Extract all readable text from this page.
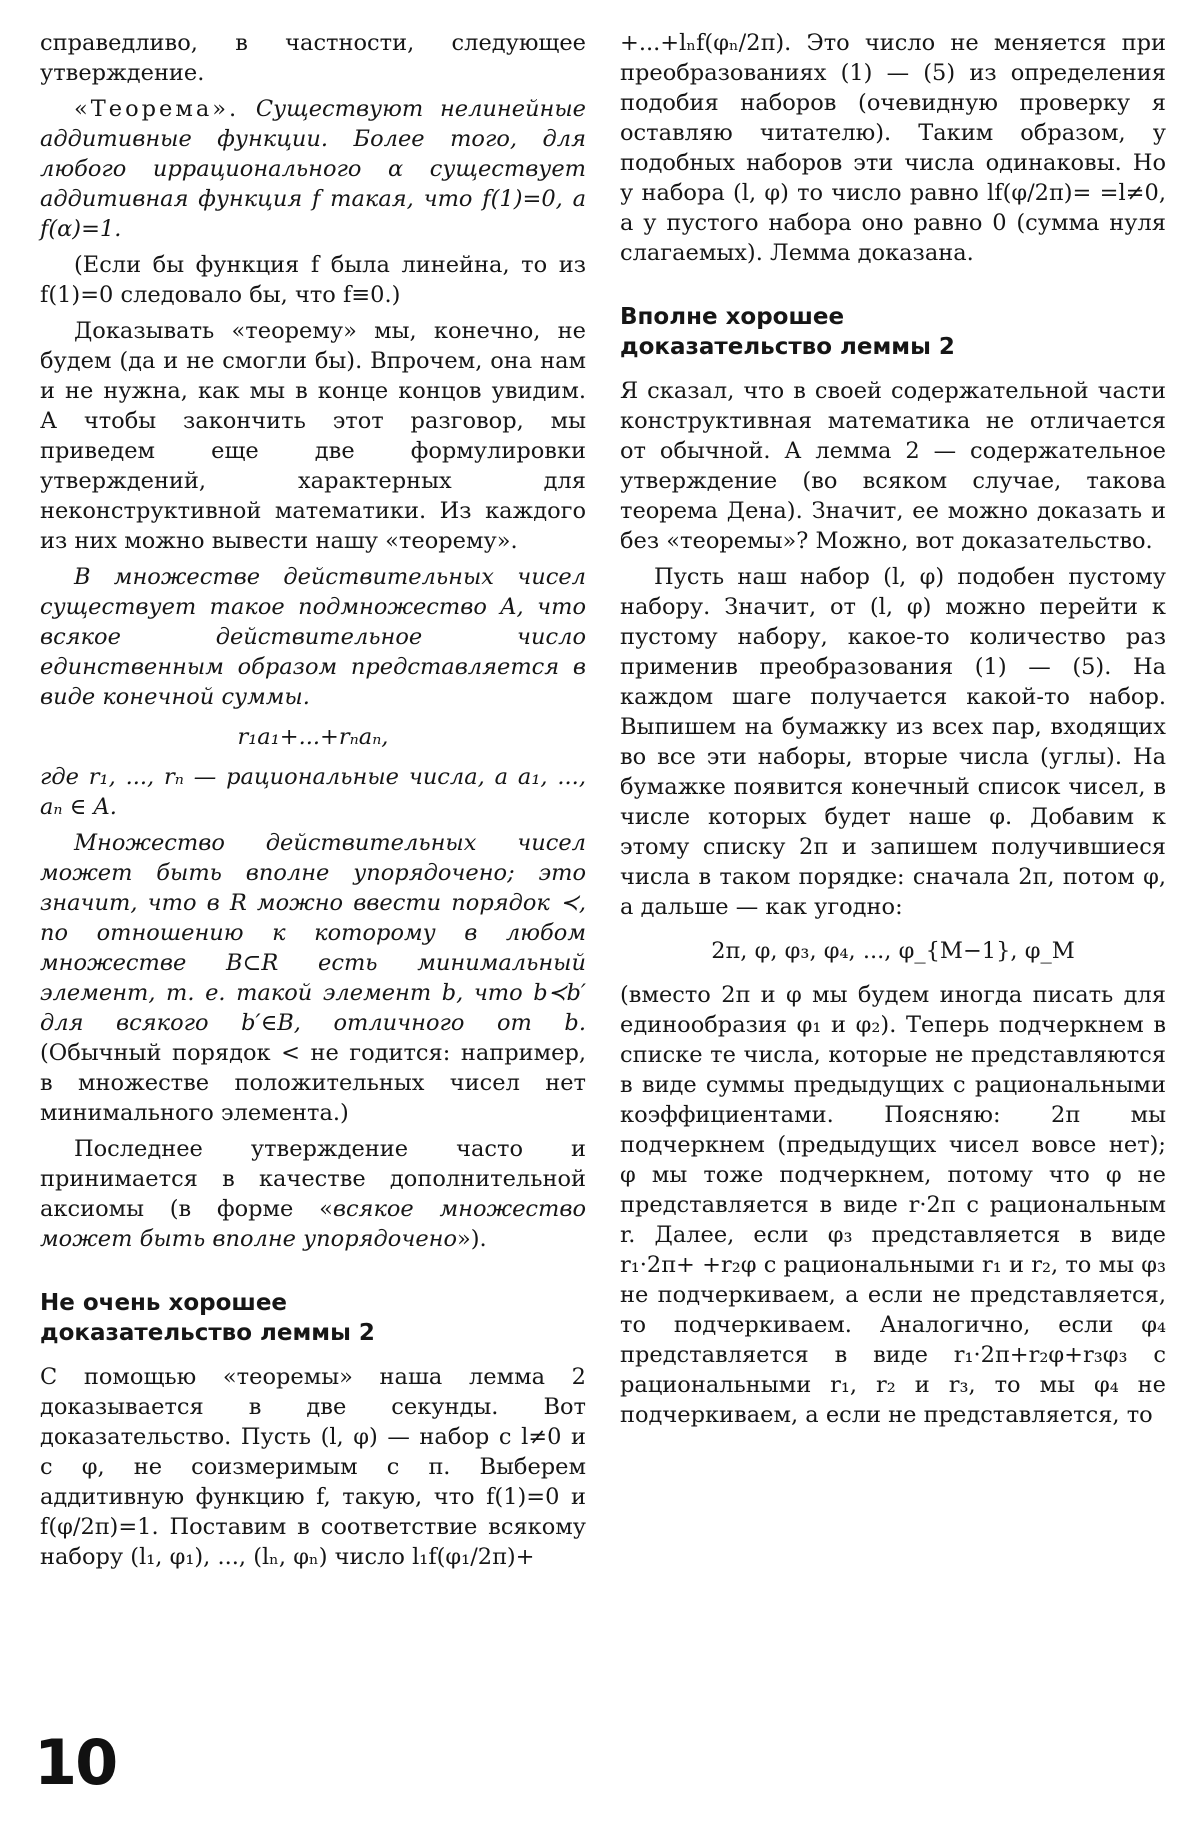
справедливо, в частности, следующее утверждение.

«Теорема». Существуют нелинейные аддитивные функции. Более того, для любого иррационального α существует аддитивная функция f такая, что f(1)=0, a f(α)=1.

(Если бы функция f была линейна, то из f(1)=0 следовало бы, что f≡0.)

Доказывать «теорему» мы, конечно, не будем (да и не смогли бы). Впрочем, она нам и не нужна, как мы в конце концов увидим. А чтобы закончить этот разговор, мы приведем еще две формулировки утверждений, характерных для неконструктивной математики. Из каждого из них можно вывести нашу «теорему».

В множестве действительных чисел существует такое подмножество A, что всякое действительное число единственным образом представляется в виде конечной суммы.

r₁a₁+...+rₙaₙ,

где r₁, ..., rₙ — рациональные числа, а a₁, ..., aₙ ∈ A.

Множество действительных чисел может быть вполне упорядочено; это значит, что в R можно ввести порядок ≺, по отношению к которому в любом множестве B⊂R есть минимальный элемент, т. е. такой элемент b, что b≺b′ для всякого b′∈B, отличного от b. (Обычный порядок < не годится: например, в множестве положительных чисел нет минимального элемента.)

Последнее утверждение часто и принимается в качестве дополнительной аксиомы (в форме «всякое множество может быть вполне упорядочено»).

Не очень хорошее
доказательство леммы 2

С помощью «теоремы» наша лемма 2 доказывается в две секунды. Вот доказательство. Пусть (l, φ) — набор с l≠0 и с φ, не соизмеримым с π. Выберем аддитивную функцию f, такую, что f(1)=0 и f(φ/2π)=1. Поставим в соответствие всякому набору (l₁, φ₁), ..., (lₙ, φₙ) число l₁f(φ₁/2π)+

+...+lₙf(φₙ/2π). Это число не меняется при преобразованиях (1) — (5) из определения подобия наборов (очевидную проверку я оставляю читателю). Таким образом, у подобных наборов эти числа одинаковы. Но у набора (l, φ) то число равно lf(φ/2π)= =l≠0, а у пустого набора оно равно 0 (сумма нуля слагаемых). Лемма доказана.

Вполне хорошее
доказательство леммы 2

Я сказал, что в своей содержательной части конструктивная математика не отличается от обычной. А лемма 2 — содержательное утверждение (во всяком случае, такова теорема Дена). Значит, ее можно доказать и без «теоремы»? Можно, вот доказательство.

Пусть наш набор (l, φ) подобен пустому набору. Значит, от (l, φ) можно перейти к пустому набору, какое-то количество раз применив преобразования (1) — (5). На каждом шаге получается какой-то набор. Выпишем на бумажку из всех пар, входящих во все эти наборы, вторые числа (углы). На бумажке появится конечный список чисел, в числе которых будет наше φ. Добавим к этому списку 2π и запишем получившиеся числа в таком порядке: сначала 2π, потом φ, а дальше — как угодно:

2π, φ, φ₃, φ₄, ..., φ_{M−1}, φ_M

(вместо 2π и φ мы будем иногда писать для единообразия φ₁ и φ₂). Теперь подчеркнем в списке те числа, которые не представляются в виде суммы предыдущих с рациональными коэффициентами. Поясняю: 2π мы подчеркнем (предыдущих чисел вовсе нет); φ мы тоже подчеркнем, потому что φ не представляется в виде r·2π с рациональным r. Далее, если φ₃ представляется в виде r₁·2π+ +r₂φ с рациональными r₁ и r₂, то мы φ₃ не подчеркиваем, а если не представляется, то подчеркиваем. Аналогично, если φ₄ представляется в виде r₁·2π+r₂φ+r₃φ₃ с рациональными r₁, r₂ и r₃, то мы φ₄ не подчеркиваем, а если не представляется, то

10
